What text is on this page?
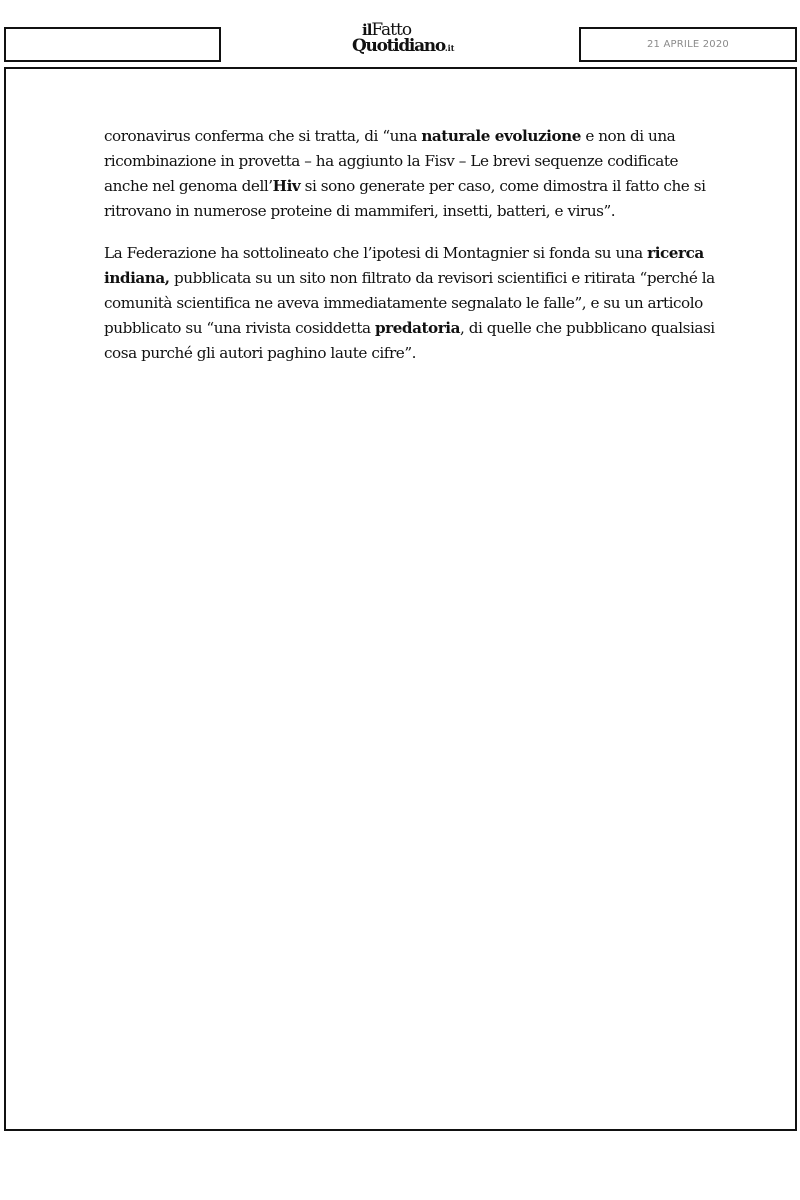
ilFatto
Quotidiano.it	21 APRILE 2020

coronavirus conferma che si tratta, di “una naturale evoluzione e non di una ricombinazione in provetta – ha aggiunto la Fisv – Le brevi sequenze codificate anche nel genoma dell’Hiv si sono generate per caso, come dimostra il fatto che si ritrovano in numerose proteine di mammiferi, insetti, batteri, e virus”.

La Federazione ha sottolineato che l’ipotesi di Montagnier si fonda su una ricerca indiana, pubblicata su un sito non filtrato da revisori scientifici e ritirata “perché la comunità scientifica ne aveva immediatamente segnalato le falle”, e su un articolo pubblicato su “una rivista cosiddetta predatoria, di quelle che pubblicano qualsiasi cosa purché gli autori paghino laute cifre”.
